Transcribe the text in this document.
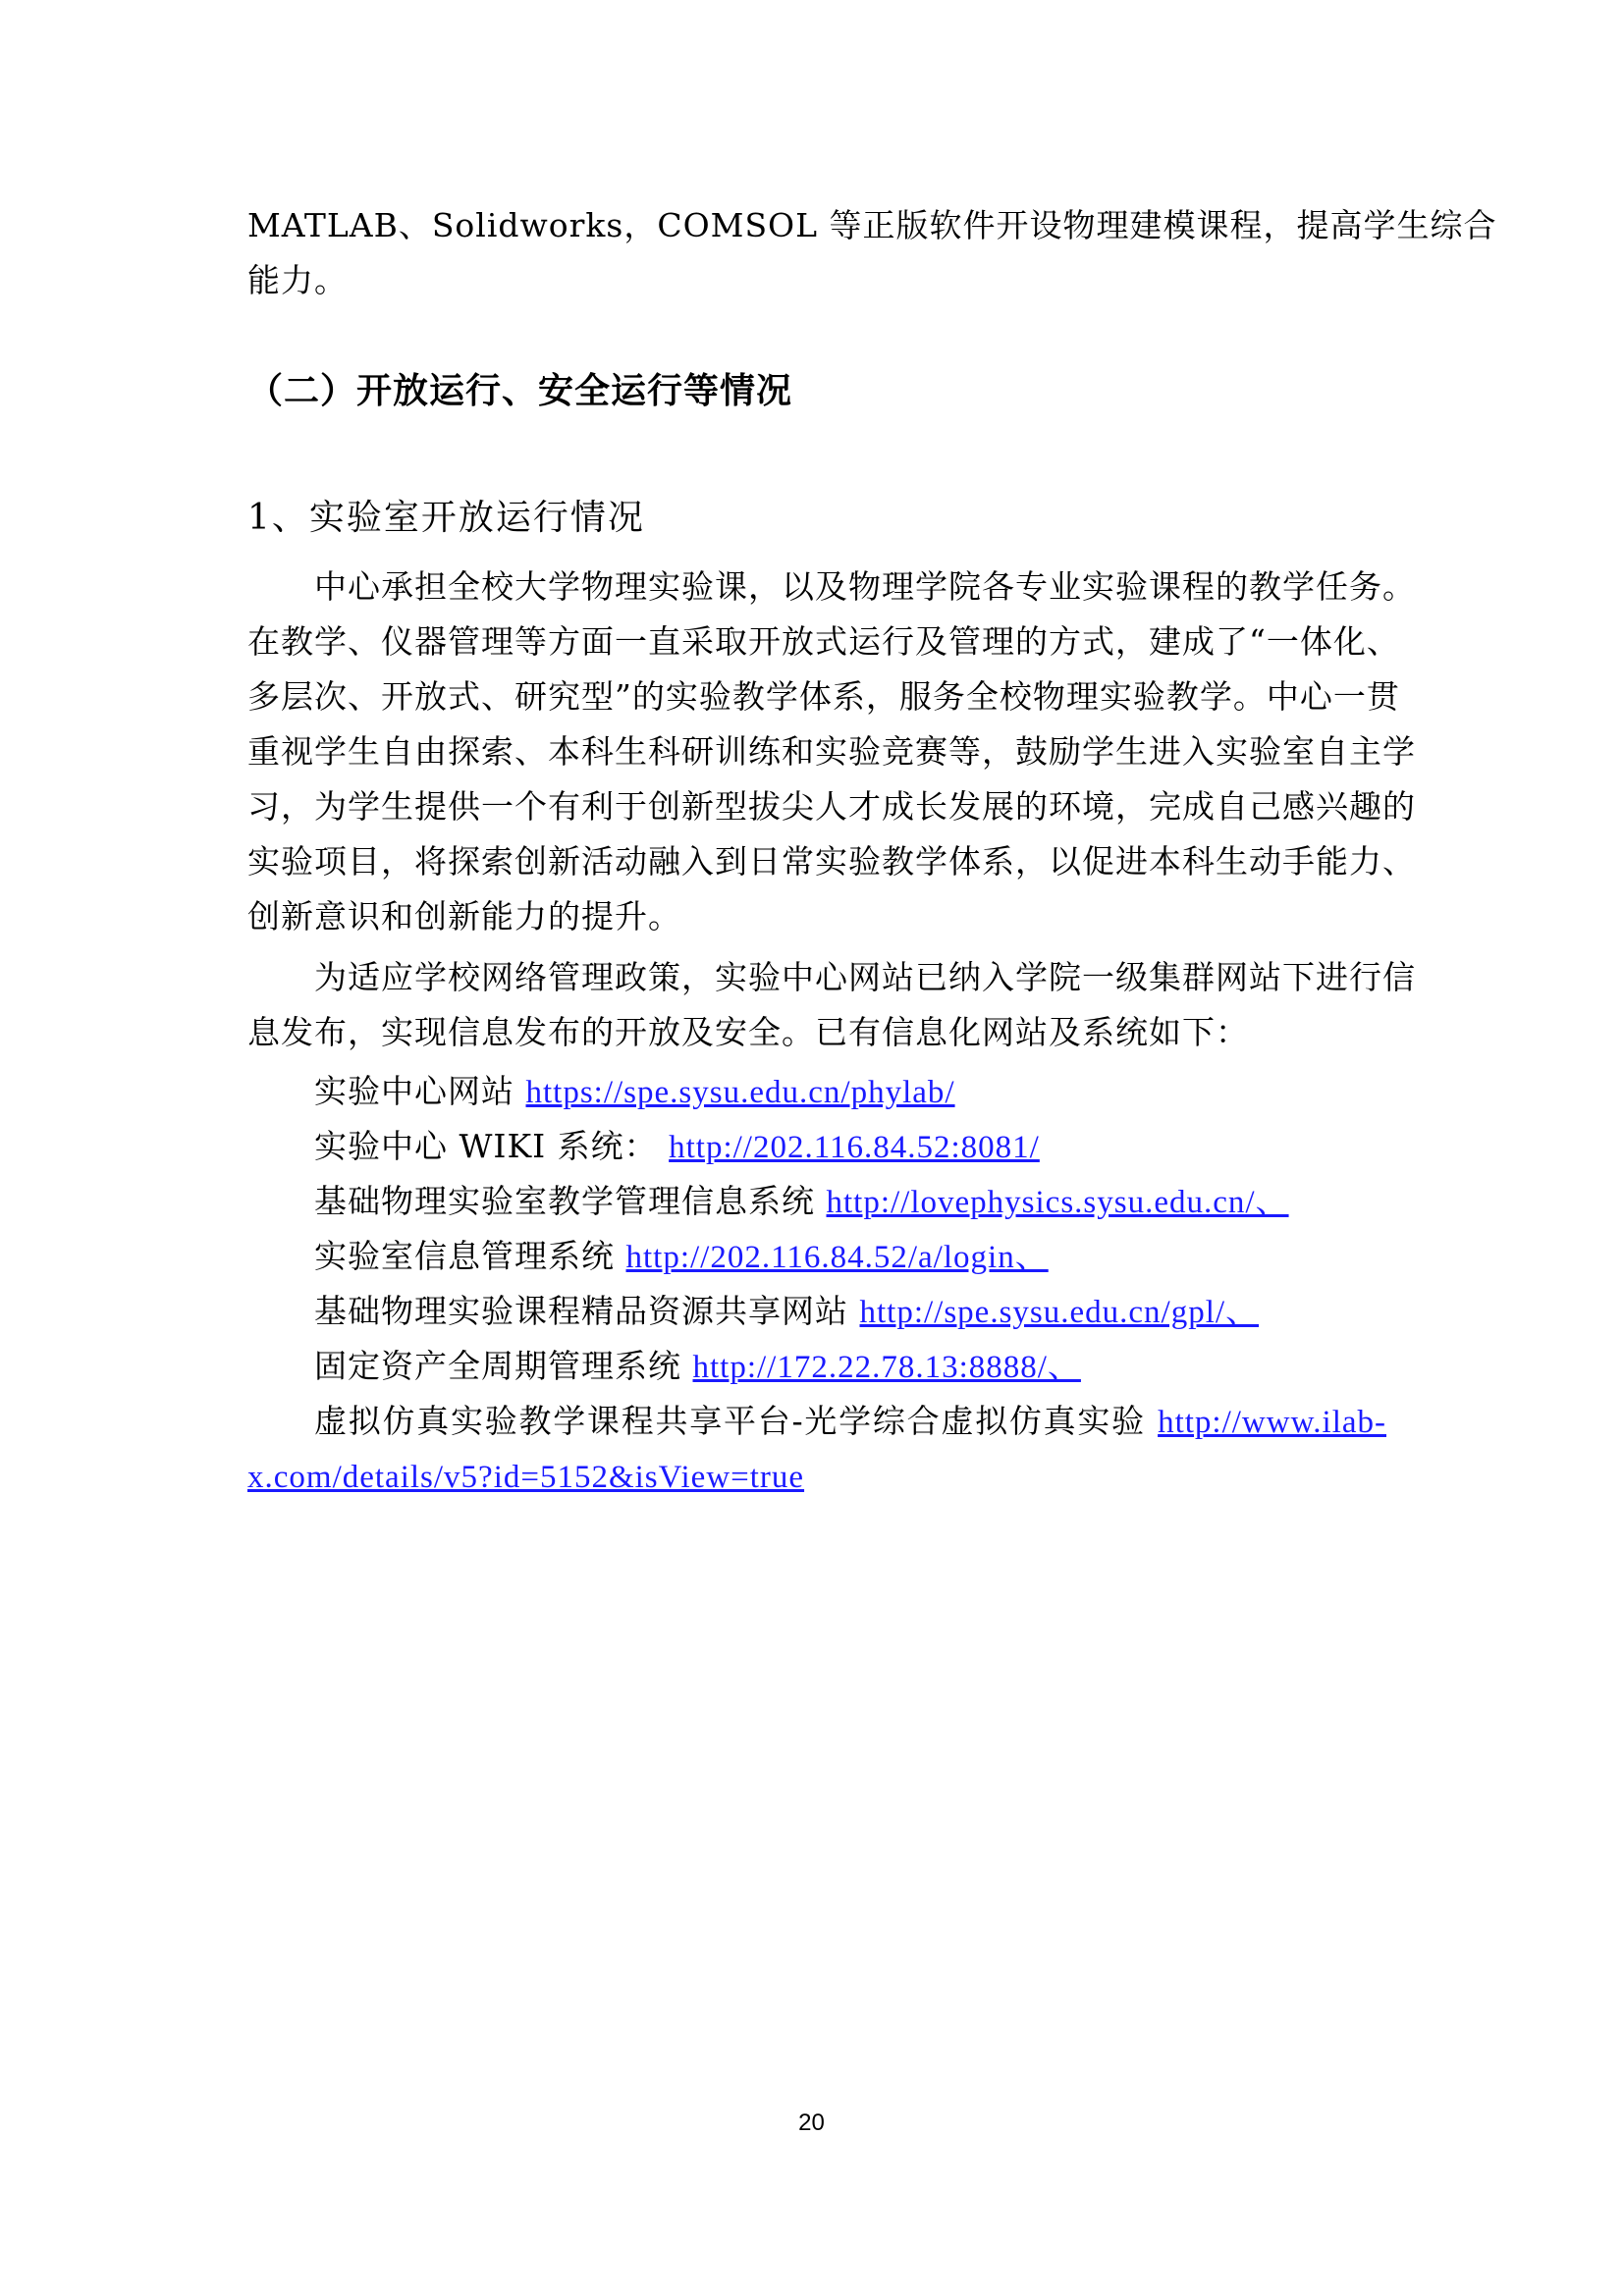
MATLAB、Solidworks，COMSOL 等正版软件开设物理建模课程，提高学生综合
能力。
（二）开放运行、安全运行等情况
1、实验室开放运行情况
中心承担全校大学物理实验课，以及物理学院各专业实验课程的教学任务。
在教学、仪器管理等方面一直采取开放式运行及管理的方式，建成了“一体化、
多层次、开放式、研究型”的实验教学体系，服务全校物理实验教学。中心一贯
重视学生自由探索、本科生科研训练和实验竞赛等，鼓励学生进入实验室自主学
习，为学生提供一个有利于创新型拔尖人才成长发展的环境，完成自己感兴趣的
实验项目，将探索创新活动融入到日常实验教学体系，以促进本科生动手能力、
创新意识和创新能力的提升。
为适应学校网络管理政策，实验中心网站已纳入学院一级集群网站下进行信
息发布，实现信息发布的开放及安全。已有信息化网站及系统如下：
实验中心网站 https://spe.sysu.edu.cn/phylab/
实验中心 WIKI 系统： http://202.116.84.52:8081/
基础物理实验室教学管理信息系统 http://lovephysics.sysu.edu.cn/、
实验室信息管理系统 http://202.116.84.52/a/login、
基础物理实验课程精品资源共享网站 http://spe.sysu.edu.cn/gpl/、
固定资产全周期管理系统 http://172.22.78.13:8888/、
虚拟仿真实验教学课程共享平台-光学综合虚拟仿真实验 http://www.ilab-
x.com/details/v5?id=5152&isView=true
20
